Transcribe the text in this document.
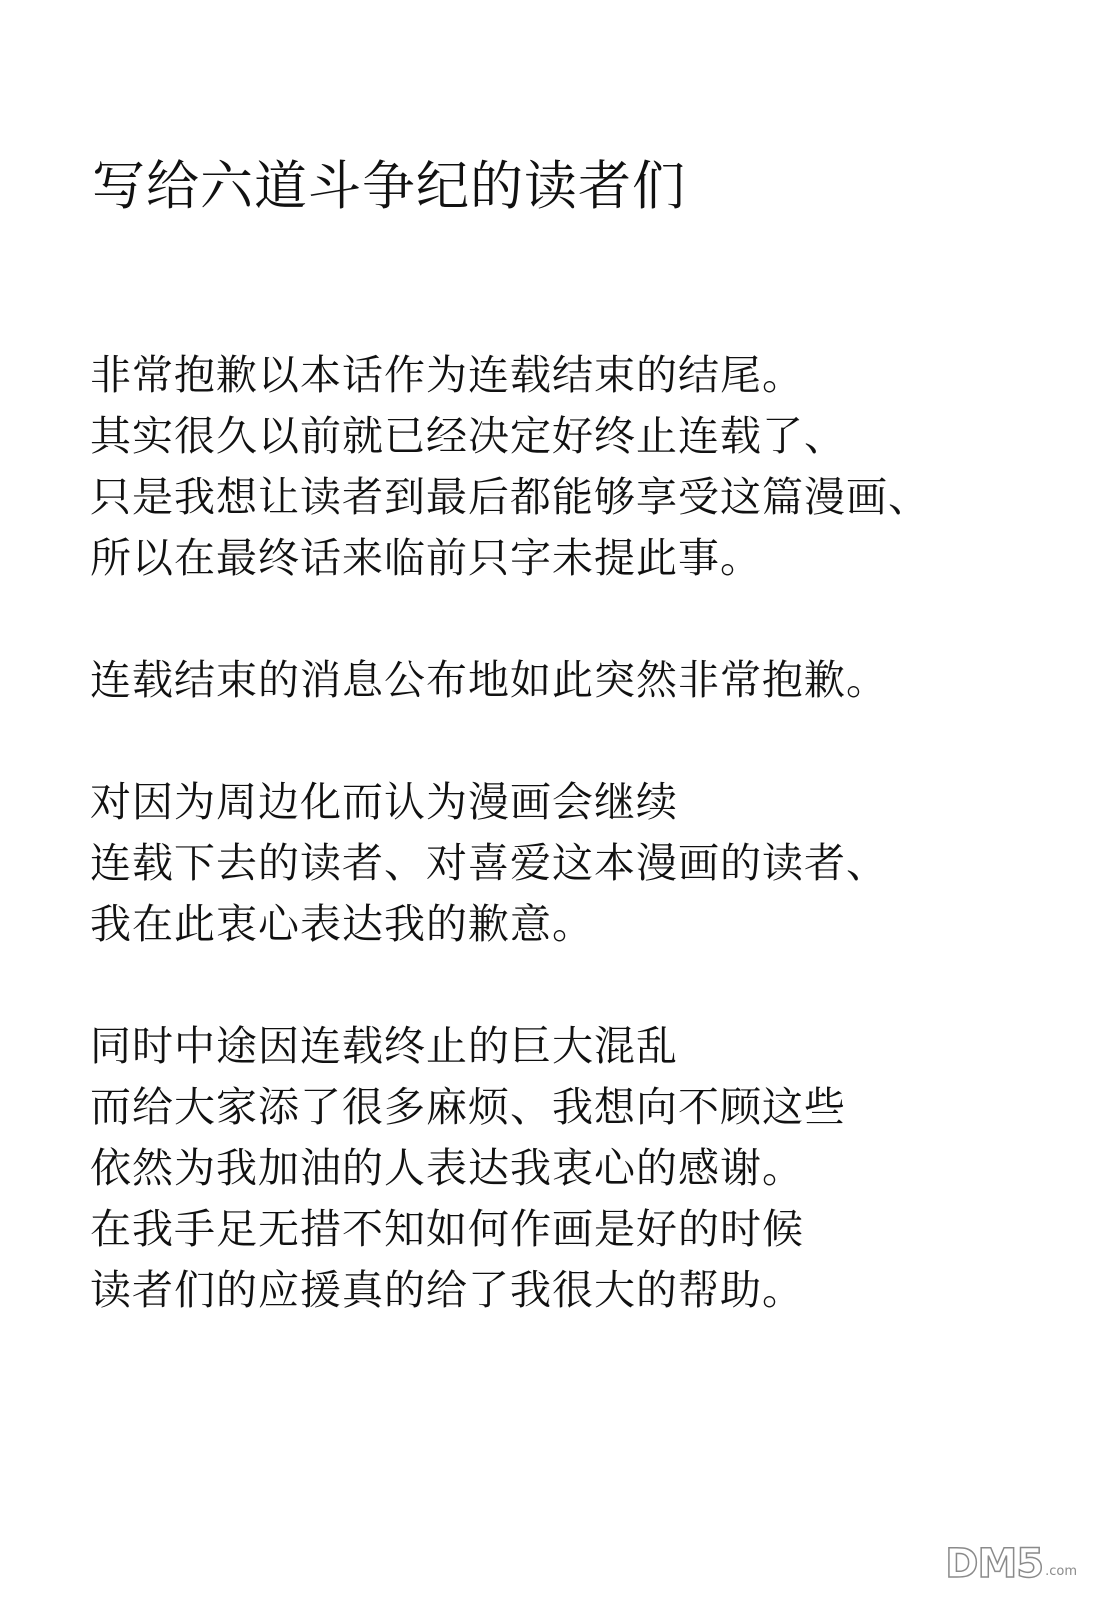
写给六道斗争纪的读者们

非常抱歉以本话作为连载结束的结尾。
其实很久以前就已经决定好终止连载了、
只是我想让读者到最后都能够享受这篇漫画、
所以在最终话来临前只字未提此事。

连载结束的消息公布地如此突然非常抱歉。

对因为周边化而认为漫画会继续
连载下去的读者、对喜爱这本漫画的读者、
我在此衷心表达我的歉意。

同时中途因连载终止的巨大混乱
而给大家添了很多麻烦、我想向不顾这些
依然为我加油的人表达我衷心的感谢。
在我手足无措不知如何作画是好的时候
读者们的应援真的给了我很大的帮助。

DM5 .com
